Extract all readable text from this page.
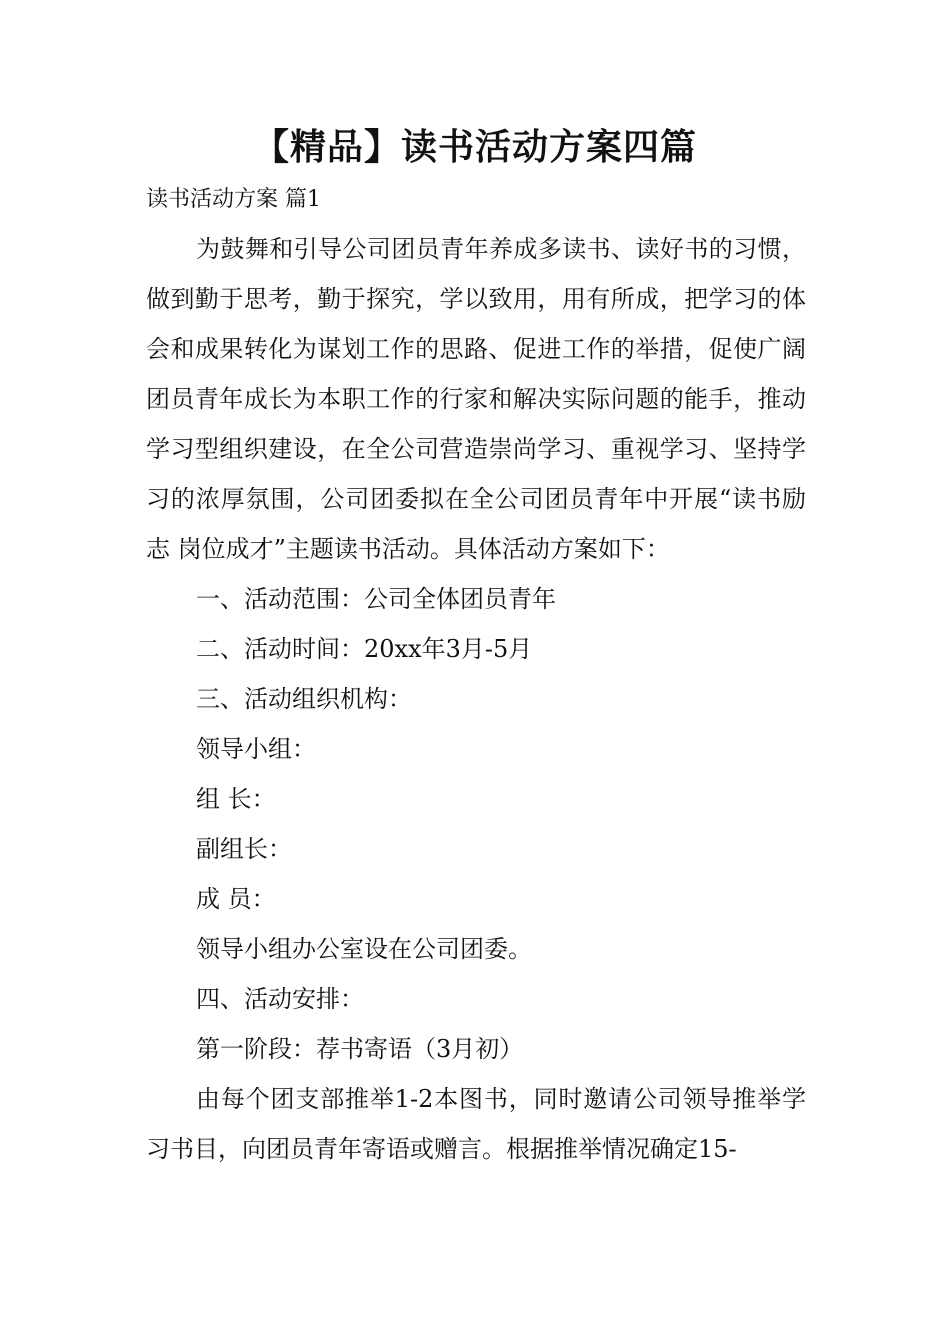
【精品】读书活动方案四篇
读书活动方案 篇1

为鼓舞和引导公司团员青年养成多读书、读好书的习惯，做到勤于思考，勤于探究，学以致用，用有所成，把学习的体会和成果转化为谋划工作的思路、促进工作的举措，促使广阔团员青年成长为本职工作的行家和解决实际问题的能手，推动学习型组织建设，在全公司营造崇尚学习、重视学习、坚持学习的浓厚氛围，公司团委拟在全公司团员青年中开展“读书励志 岗位成才”主题读书活动。具体活动方案如下：

一、活动范围：公司全体团员青年

二、活动时间：20xx年3月-5月

三、活动组织机构：

领导小组：

组 长：

副组长：

成 员：

领导小组办公室设在公司团委。

四、活动安排：

第一阶段：荐书寄语（3月初）

由每个团支部推举1-2本图书，同时邀请公司领导推举学习书目，向团员青年寄语或赠言。根据推举情况确定15-
